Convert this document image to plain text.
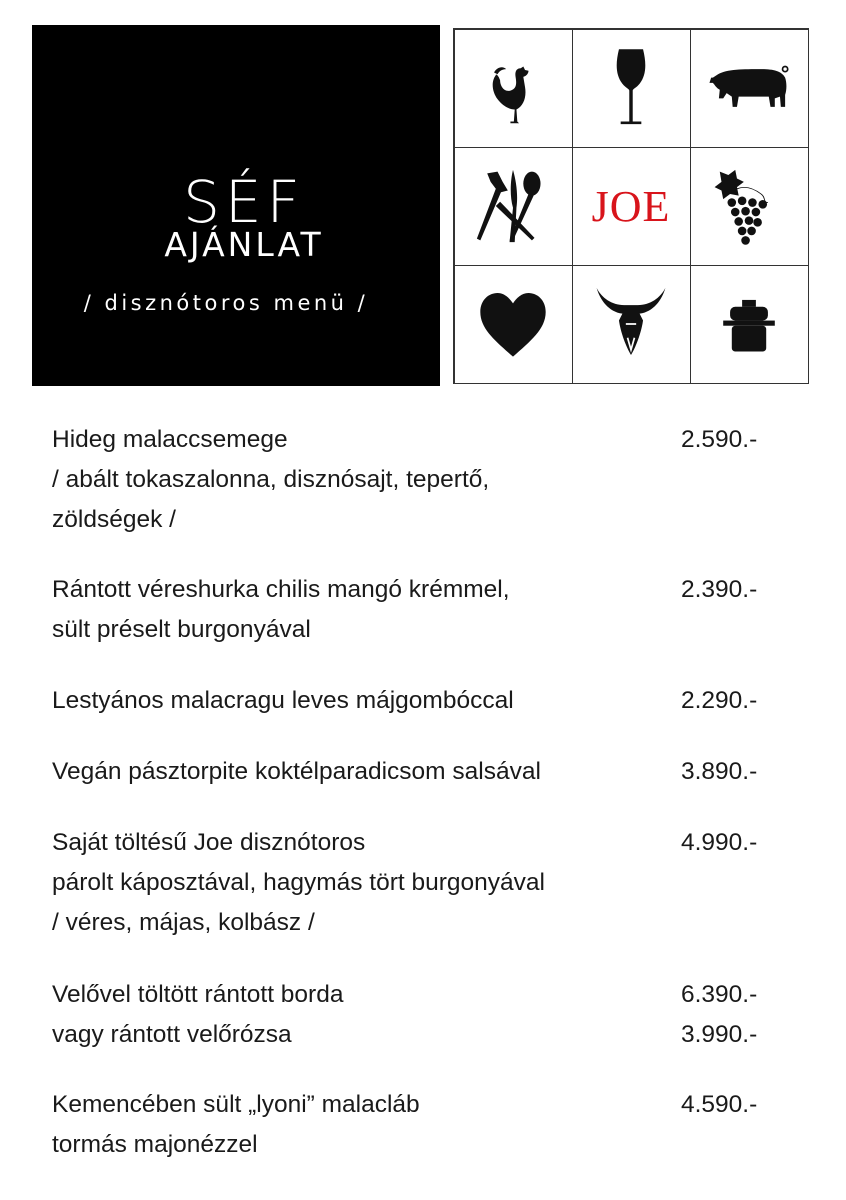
SÉF
AJÁNLAT
/ disznótoros menü /
JOE
Hideg malaccsemege	2.590.-
/ abált tokaszalonna, disznósajt, tepertő,
zöldségek /
Rántott véreshurka chilis mangó krémmel,	2.390.-
sült préselt burgonyával
Lestyános malacragu leves májgombóccal	2.290.-
Vegán pásztorpite koktélparadicsom salsával	3.890.-
Saját töltésű Joe disznótoros	4.990.-
párolt káposztával, hagymás tört burgonyával
/ véres, májas, kolbász /
Velővel töltött rántott borda	6.390.-
vagy rántott velőrózsa	3.990.-
Kemencében sült „lyoni” malacláb	4.590.-
tormás majonézzel
